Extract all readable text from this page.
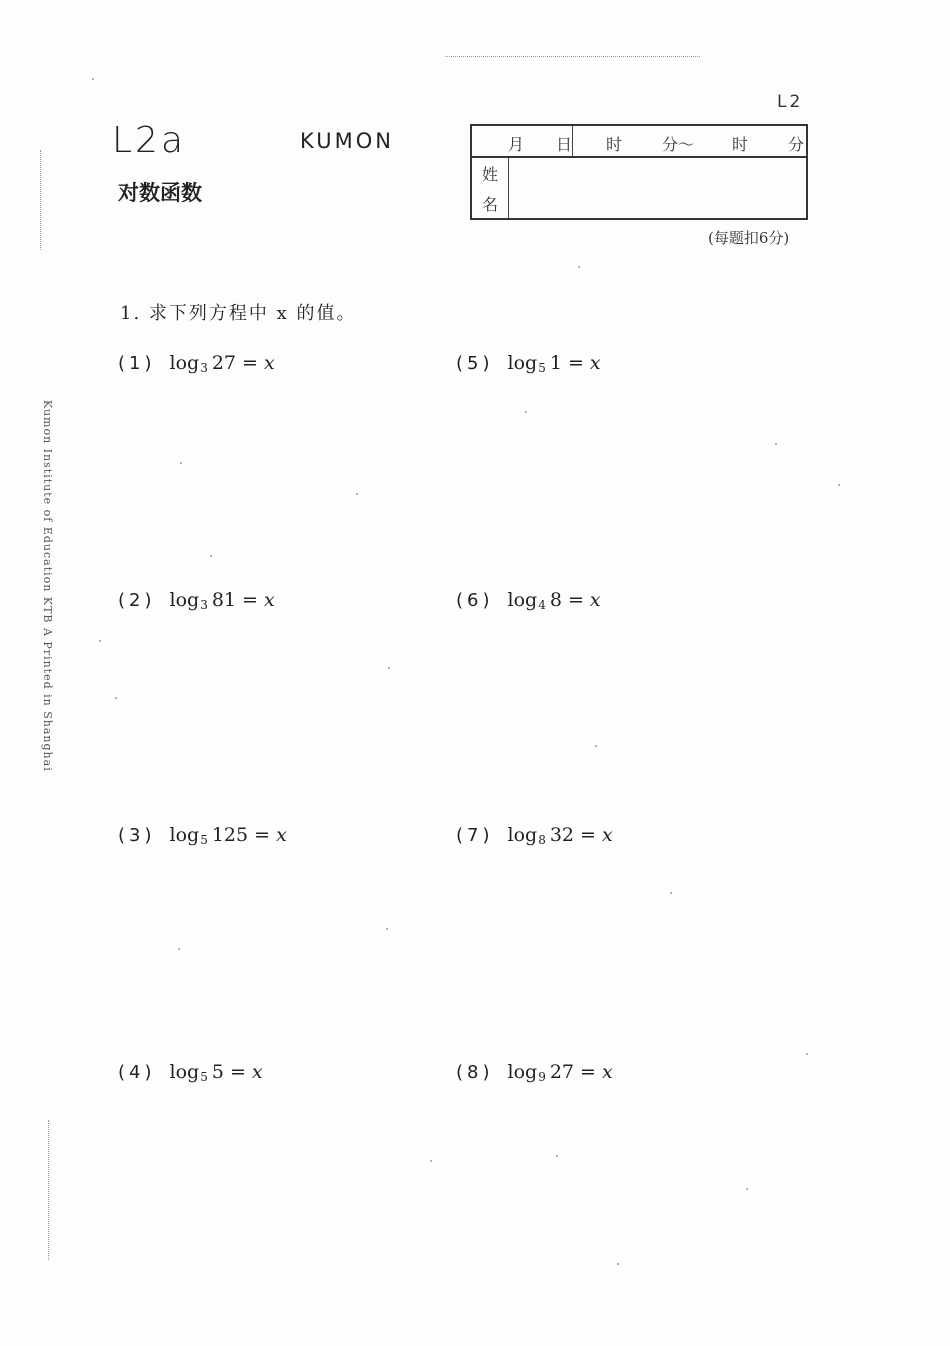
L2
L2a	KUMON
对数函数
月 日 时 分～ 时 分

姓	
名
(每题扣6分)
1. 求下列方程中 x 的值。
(1) $\log_3 27 = x$
(2) $\log_3 81 = x$
(3) $\log_5 125 = x$
(4) $\log_5 5 = x$
(5) $\log_5 1 = x$
(6) $\log_4 8 = x$
(7) $\log_8 32 = x$
(8) $\log_9 27 = x$
Kumon Institute of Education KTB A Printed in Shanghai
